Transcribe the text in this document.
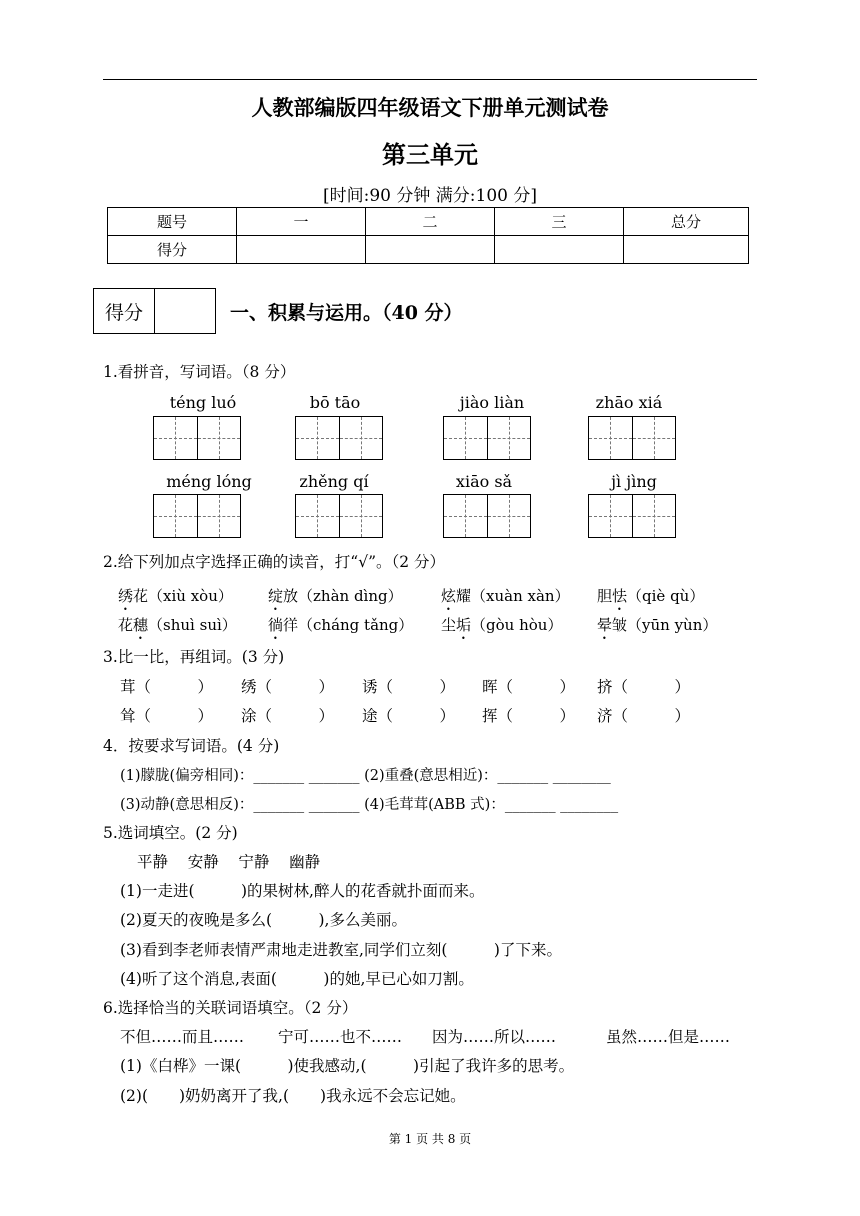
人教部编版四年级语文下册单元测试卷
第三单元
[时间:90 分钟 满分:100 分]
题号	一	二	三	总分
得分				
得分	一、积累与运用。（40 分）
1.看拼音，写词语。（8 分）
téng luó	bō tāo	jiào liàn	zhāo xiá
méng lóng	zhěng qí	xiāo sǎ	jì jìng
2.给下列加点字选择正确的读音，打“√”。（2 分）
绣花（xiù xòu） 绽放（zhàn dìng）	炫耀（xuàn xàn） 胆怯（qiè qù）
花穗（shuì suì） 徜徉（cháng tǎng） 尘垢（gòu hòu） 晕皱（yūn yùn）
3.比一比，再组词。(3 分)
茸（　　　） 绣（　　　） 诱（　　　） 晖（　　　） 挤（　　　）
耸（　　　） 涂（　　　） 途（　　　） 挥（　　　） 济（　　　）
4．按要求写词语。(4 分)
(1)朦胧(偏旁相同)：_______ _______ (2)重叠(意思相近)：_______ ________
(3)动静(意思相反)：_______ _______ (4)毛茸茸(ABB 式)：_______ ________
5.选词填空。(2 分)
平静    安静    宁静    幽静
(1)一走进(　　　)的果树林,醉人的花香就扑面而来。
(2)夏天的夜晚是多么(　　　),多么美丽。
(3)看到李老师表情严肃地走进教室,同学们立刻(　　　)了下来。
(4)听了这个消息,表面(　　　)的她,早已心如刀割。
6.选择恰当的关联词语填空。（2 分）
不但……而且…… 宁可……也不…… 因为……所以……	虽然……但是……
(1)《白桦》一课(　　　)使我感动,(　　　)引起了我许多的思考。
(2)(　　)奶奶离开了我,(　　)我永远不会忘记她。
第 1 页 共 8 页
